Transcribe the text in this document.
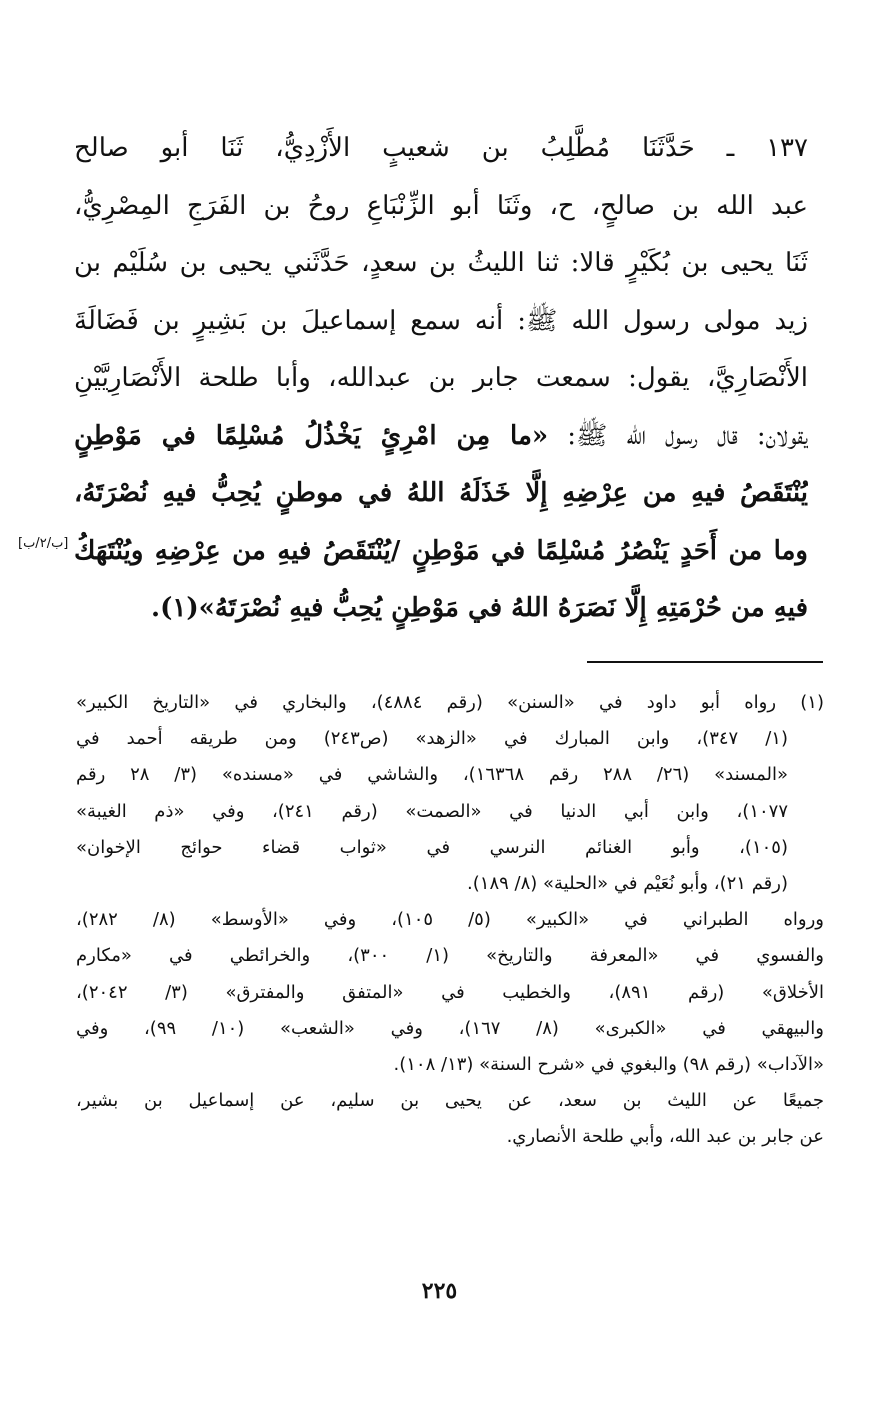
١٣٧ ـ حَدَّثَنَا مُطَّلِبُ بن شعيبٍ الأَزْدِيُّ، ثَنَا أبو صالح
عبد الله بن صالحٍ، ح، وثَنَا أبو الزِّنْبَاعِ روحُ بن الفَرَجِ المِصْرِيُّ،
ثَنَا يحيى بن بُكَيْرٍ قالا: ثنا الليثُ بن سعدٍ، حَدَّثَني يحيى بن سُلَيْم بن
زيد مولى رسول الله ﷺ: أنه سمع إسماعيلَ بن بَشِيرٍ بن فَضَالَةَ
الأَنْصَارِيَّ، يقول: سمعت جابر بن عبدالله، وأبا طلحة الأَنْصَارِيَّيْنِ
يقولان: قال رسول الله ﷺ: «ما مِن امْرِئٍ يَخْذُلُ مُسْلِمًا في مَوْطِنٍ
يُنْتَقَصُ فيهِ من عِرْضِهِ إِلَّا خَذَلَهُ اللهُ في موطنٍ يُحِبُّ فيهِ نُصْرَتَهُ،
وما من أَحَدٍ يَنْصُرُ مُسْلِمًا في مَوْطِنٍ /يُنْتَقَصُ فيهِ من عِرْضِهِ ويُنْتَهَكُ
فيهِ من حُرْمَتِهِ إِلَّا نَصَرَهُ اللهُ في مَوْطِنٍ يُحِبُّ فيهِ نُصْرَتَهُ»(١).
[ب/٢/ب]
(١) رواه أبو داود في «السنن» (رقم ٤٨٨٤)، والبخاري في «التاريخ الكبير»
(١/ ٣٤٧)، وابن المبارك في «الزهد» (ص٢٤٣) ومن طريقه أحمد في
«المسند» (٢٦/ ٢٨٨ رقم ١٦٣٦٨)، والشاشي في «مسنده» (٣/ ٢٨ رقم
١٠٧٧)، وابن أبي الدنيا في «الصمت» (رقم ٢٤١)، وفي «ذم الغيبة»
(١٠٥)، وأبو الغنائم النرسي في «ثواب قضاء حوائج الإخوان»
(رقم ٢١)، وأبو نُعَيْم في «الحلية» (٨/ ١٨٩).
ورواه الطبراني في «الكبير» (٥/ ١٠٥)، وفي «الأوسط» (٨/ ٢٨٢)،
والفسوي في «المعرفة والتاريخ» (١/ ٣٠٠)، والخرائطي في «مكارم
الأخلاق» (رقم ٨٩١)، والخطيب في «المتفق والمفترق» (٣/ ٢٠٤٢)،
والبيهقي في «الكبرى» (٨/ ١٦٧)، وفي «الشعب» (١٠/ ٩٩)، وفي
«الآداب» (رقم ٩٨) والبغوي في «شرح السنة» (١٣/ ١٠٨).
جميعًا عن الليث بن سعد، عن يحيى بن سليم، عن إسماعيل بن بشير،
عن جابر بن عبد الله، وأبي طلحة الأنصاري.
٢٢٥
